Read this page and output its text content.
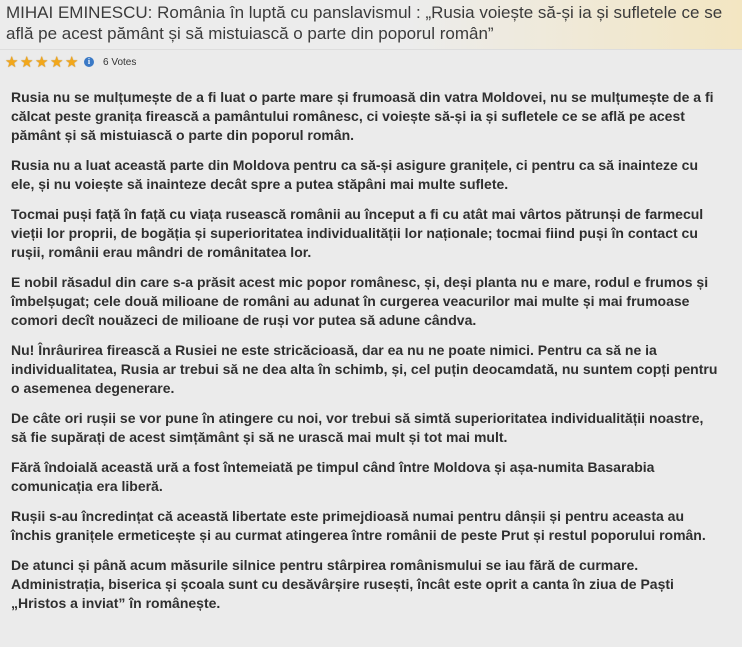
MIHAI EMINESCU: România în luptă cu panslavismul : „Rusia voiește să-și ia și sufletele ce se află pe acest pământ și să mistuiască o parte din poporul român”
★ ★ ★ ★ ★	i	6 Votes

Rusia nu se mulțumește de a fi luat o parte mare și frumoasă din vatra Moldovei, nu se mulțumește de a fi călcat peste granița firească a pamântului românesc, ci voiește să-și ia și sufletele ce se află pe acest pământ și să mistuiască o parte din poporul român.

Rusia nu a luat această parte din Moldova pentru ca să-și asigure granițele, ci pentru ca să inainteze cu ele, și nu voiește să inainteze decât spre a putea stăpâni mai multe suflete.

Tocmai puși față în față cu viața rusească românii au început a fi cu atât mai vârtos pătrunși de farmecul vieții lor proprii, de bogăția și superioritatea individualității lor naționale; tocmai fiind puși în contact cu rușii, românii erau mândri de românitatea lor.

E nobil răsadul din care s-a prăsit acest mic popor românesc, și, deși planta nu e mare, rodul e frumos și îmbelșugat; cele două milioane de români au adunat în curgerea veacurilor mai multe și mai frumoase comori decît nouăzeci de milioane de ruși vor putea să adune cândva.

Nu! Înrâurirea firească a Rusiei ne este stricăcioasă, dar ea nu ne poate nimici. Pentru ca să ne ia individualitatea, Rusia ar trebui să ne dea alta în schimb, și, cel puțin deocamdată, nu suntem copți pentru o asemenea degenerare.

De câte ori rușii se vor pune în atingere cu noi, vor trebui să simtă superioritatea individualității noastre, să fie supărați de acest simțământ și să ne urască mai mult și tot mai mult.

Fără îndoială această ură a fost întemeiată pe timpul când între Moldova și așa-numita Basarabia comunicația era liberă.

Rușii s-au încredințat că această libertate este primejdioasă numai pentru dânșii și pentru aceasta au închis granițele ermeticește și au curmat atingerea între românii de peste Prut și restul poporului român.

De atunci și până acum măsurile silnice pentru stârpirea românismului se iau fără de curmare. Administrația, biserica și școala sunt cu desăvârșire rusești, încât este oprit a canta în ziua de Paști „Hristos a inviat” în românește.
